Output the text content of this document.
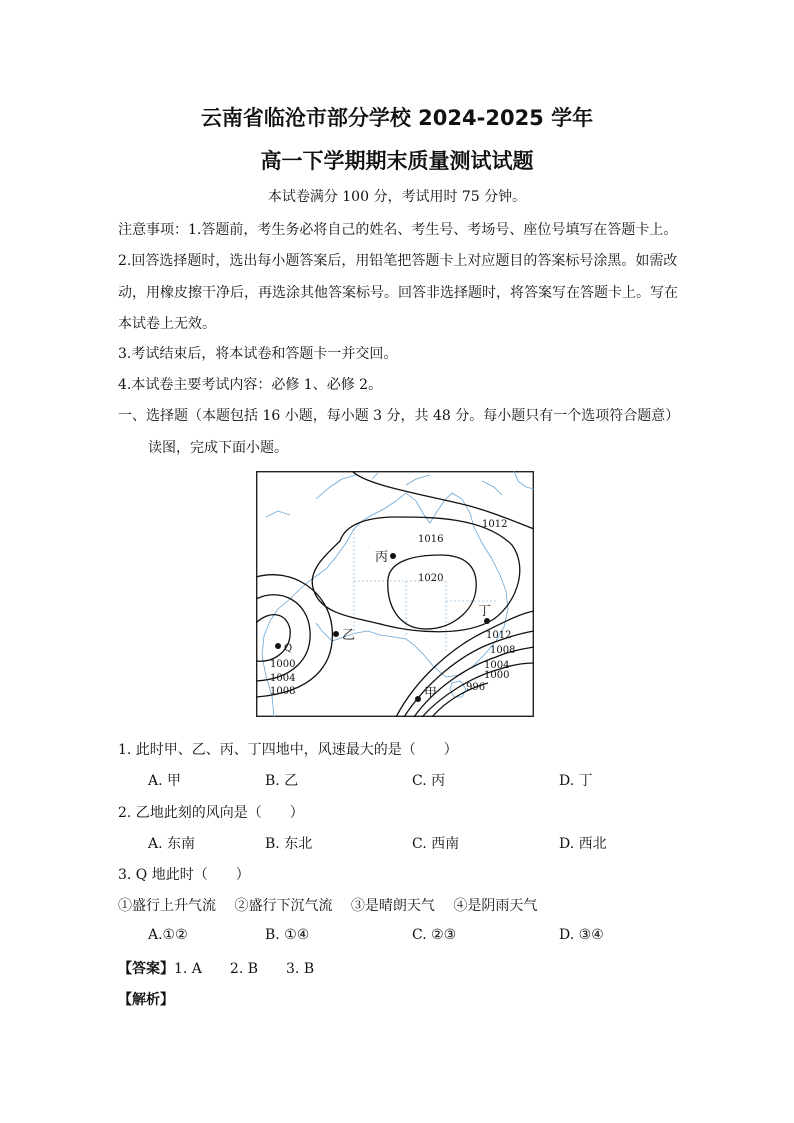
云南省临沧市部分学校 2024-2025 学年
高一下学期期末质量测试试题
本试卷满分 100 分，考试用时 75 分钟。
注意事项：1.答题前，考生务必将自己的姓名、考生号、考场号、座位号填写在答题卡上。
2.回答选择题时，选出每小题答案后，用铅笔把答题卡上对应题目的答案标号涂黑。如需改
动，用橡皮擦干净后，再选涂其他答案标号。回答非选择题时，将答案写在答题卡上。写在
本试卷上无效。
3.考试结束后，将本试卷和答题卡一并交回。
4.本试卷主要考试内容：必修 1、必修 2。
一、选择题（本题包括 16 小题，每小题 3 分，共 48 分。每小题只有一个选项符合题意）
读图，完成下面小题。
1012
1016
1020
1012
1008
1004
1000
996
1000
1004
1008
丙
丁
乙
Q
甲
1. 此时甲、乙、丙、丁四地中，风速最大的是（　　）
A. 甲	B. 乙	C. 丙	D. 丁
2. 乙地此刻的风向是（　　）
A. 东南	B. 东北	C. 西南	D. 西北
3. Q 地此时（　　）
①盛行上升气流　 ②盛行下沉气流　 ③是晴朗天气　 ④是阴雨天气
A.①②	B. ①④	C. ②③	D. ③④
【答案】1. A　　2. B　　3. B
【解析】
